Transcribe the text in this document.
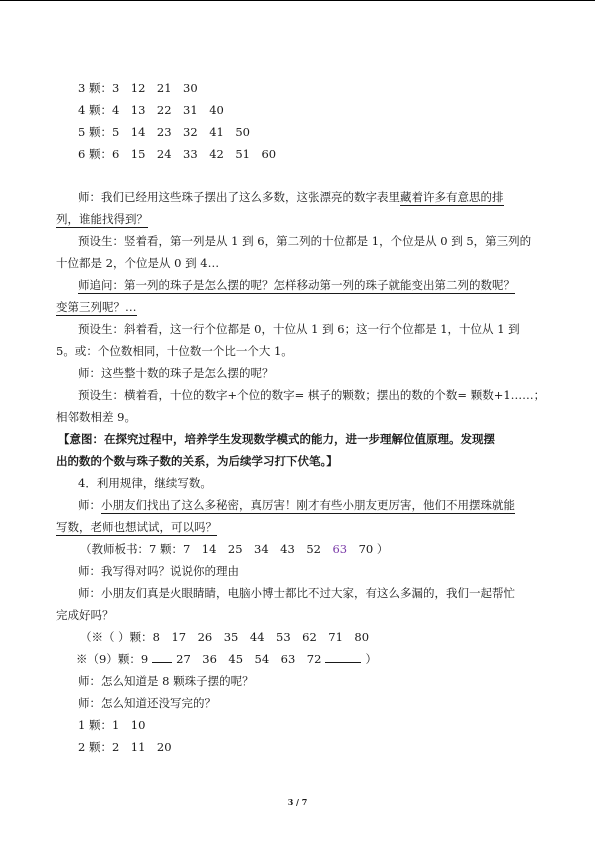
3 颗：3　12　21　30
4 颗：4　13　22　31　40
5 颗：5　14　23　32　41　50
6 颗：6　15　24　33　42　51　60
师：我们已经用这些珠子摆出了这么多数，这张漂亮的数字表里藏着许多有意思的排
列，谁能找得到？
预设生：竖着看，第一列是从 1 到 6，第二列的十位都是 1，个位是从 0 到 5，第三列的
十位都是 2，个位是从 0 到 4…
师追问：第一列的珠子是怎么摆的呢？怎样移动第一列的珠子就能变出第二列的数呢？
变第三列呢？…
预设生：斜着看，这一行个位都是 0，十位从 1 到 6；这一行个位都是 1，十位从 1 到
5。或：个位数相同，十位数一个比一个大 1。
师：这些整十数的珠子是怎么摆的呢？
预设生：横着看，十位的数字+个位的数字= 棋子的颗数；摆出的数的个数= 颗数+1……；
相邻数相差 9。
【意图：在探究过程中，培养学生发现数学模式的能力，进一步理解位值原理。发现摆
出的数的个数与珠子数的关系，为后续学习打下伏笔。】
4．利用规律，继续写数。
师：小朋友们找出了这么多秘密，真厉害！刚才有些小朋友更厉害，他们不用摆珠就能
写数，老师也想试试，可以吗？
（教师板书：7 颗：7　14　25　34　43　52　63　70 ）
师：我写得对吗？说说你的理由
师：小朋友们真是火眼睛睛，电脑小博士都比不过大家，有这么多漏的，我们一起帮忙
完成好吗？
（※（ ）颗：8　17　26　35　44　53　62　71　80
※（9）颗：9 27　36　45　54　63　72	）
师：怎么知道是 8 颗珠子摆的呢？
师：怎么知道还没写完的？
1 颗：1　10
2 颗：2　11　20
3 / 7
